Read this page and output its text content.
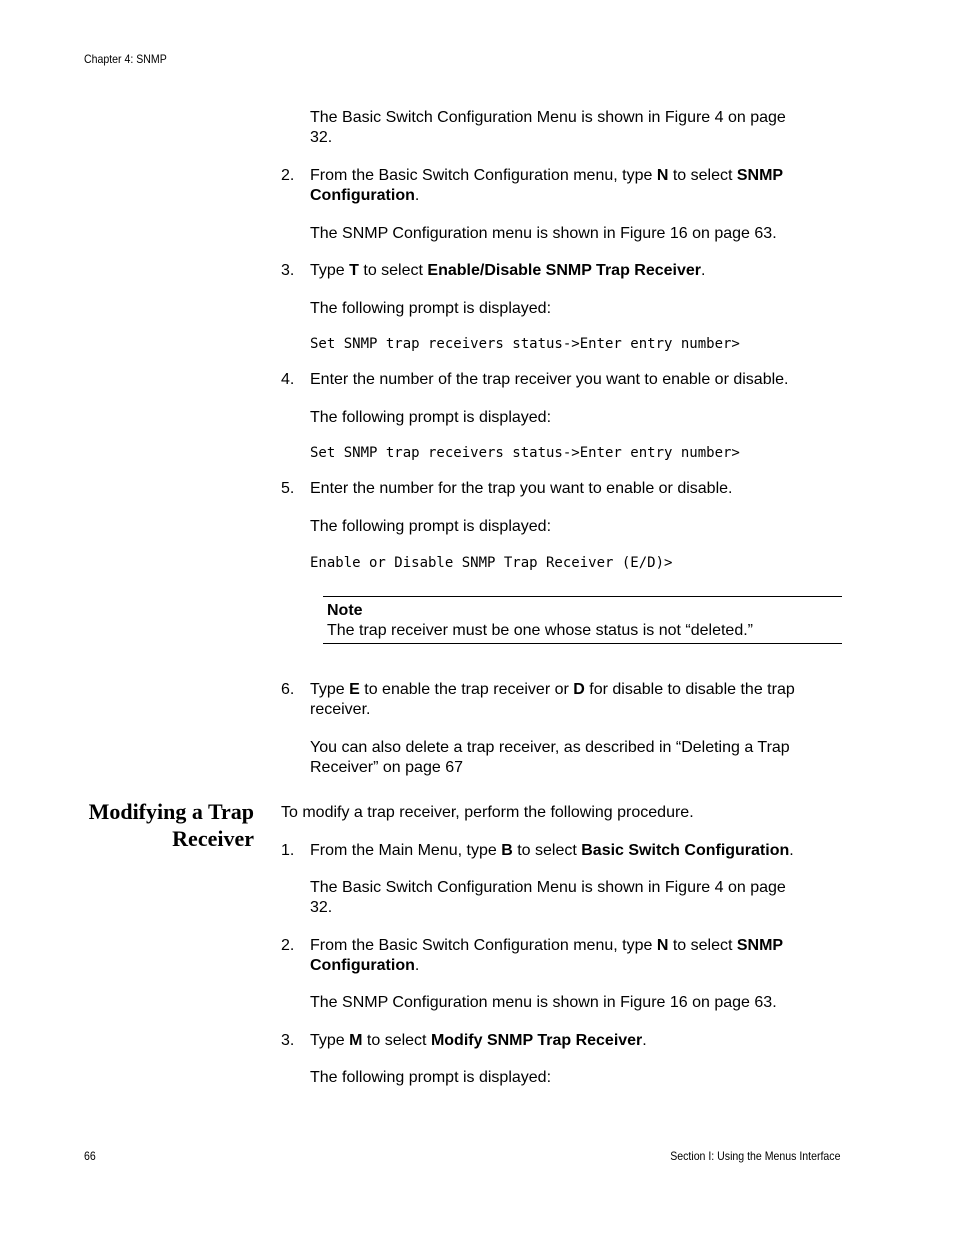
Chapter 4: SNMP
The Basic Switch Configuration Menu is shown in Figure 4 on page
32.
2. From the Basic Switch Configuration menu, type N to select SNMP
Configuration.
The SNMP Configuration menu is shown in Figure 16 on page 63.
3. Type T to select Enable/Disable SNMP Trap Receiver.
The following prompt is displayed:
Set SNMP trap receivers status->Enter entry number>
4. Enter the number of the trap receiver you want to enable or disable.
The following prompt is displayed:
Set SNMP trap receivers status->Enter entry number>
5. Enter the number for the trap you want to enable or disable.
The following prompt is displayed:
Enable or Disable SNMP Trap Receiver (E/D)>
Note
The trap receiver must be one whose status is not “deleted.”
6. Type E to enable the trap receiver or D for disable to disable the trap
receiver.
You can also delete a trap receiver, as described in “Deleting a Trap
Receiver” on page 67
Modifying a Trap
Receiver
To modify a trap receiver, perform the following procedure.
1. From the Main Menu, type B to select Basic Switch Configuration.
The Basic Switch Configuration Menu is shown in Figure 4 on page
32.
2. From the Basic Switch Configuration menu, type N to select SNMP
Configuration.
The SNMP Configuration menu is shown in Figure 16 on page 63.
3. Type M to select Modify SNMP Trap Receiver.
The following prompt is displayed:
66	Section I: Using the Menus Interface
